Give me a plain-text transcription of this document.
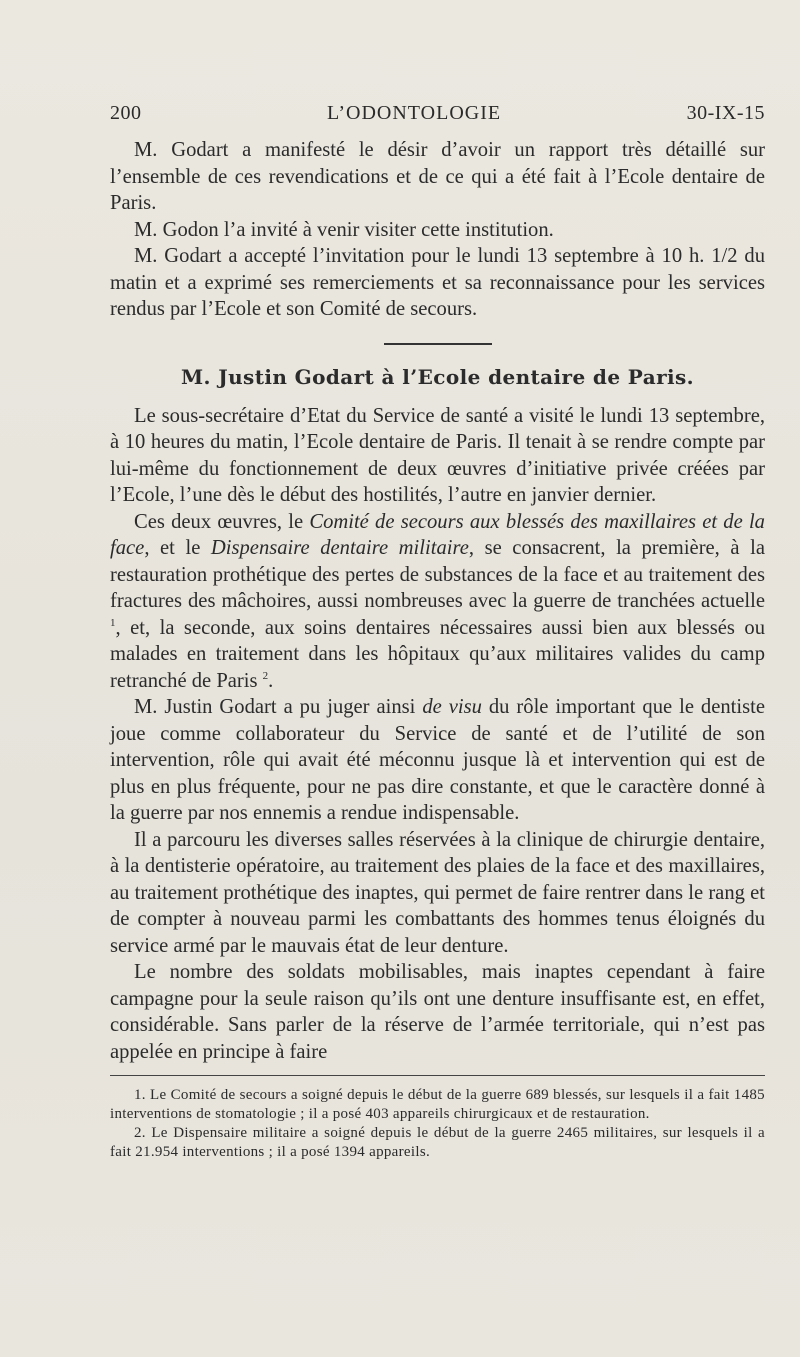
200	L’ODONTOLOGIE	30-IX-15

M. Godart a manifesté le désir d’avoir un rapport très détaillé sur l’ensemble de ces revendications et de ce qui a été fait à l’Ecole dentaire de Paris.

M. Godon l’a invité à venir visiter cette institution.

M. Godart a accepté l’invitation pour le lundi 13 septembre à 10 h. 1/2 du matin et a exprimé ses remerciements et sa reconnaissance pour les services rendus par l’Ecole et son Comité de secours.

M. Justin Godart à l’Ecole dentaire de Paris.

Le sous-secrétaire d’Etat du Service de santé a visité le lundi 13 septembre, à 10 heures du matin, l’Ecole dentaire de Paris. Il tenait à se rendre compte par lui-même du fonctionnement de deux œuvres d’initiative privée créées par l’Ecole, l’une dès le début des hostilités, l’autre en janvier dernier.

Ces deux œuvres, le Comité de secours aux blessés des maxillaires et de la face, et le Dispensaire dentaire militaire, se consacrent, la première, à la restauration prothétique des pertes de substances de la face et au traitement des fractures des mâchoires, aussi nombreuses avec la guerre de tranchées actuelle $^1$, et, la seconde, aux soins dentaires nécessaires aussi bien aux blessés ou malades en traitement dans les hôpitaux qu’aux militaires valides du camp retranché de Paris $^2$.

M. Justin Godart a pu juger ainsi de visu du rôle important que le dentiste joue comme collaborateur du Service de santé et de l’utilité de son intervention, rôle qui avait été méconnu jusque là et intervention qui est de plus en plus fréquente, pour ne pas dire constante, et que le caractère donné à la guerre par nos ennemis a rendue indispensable.

Il a parcouru les diverses salles réservées à la clinique de chirurgie dentaire, à la dentisterie opératoire, au traitement des plaies de la face et des maxillaires, au traitement prothétique des inaptes, qui permet de faire rentrer dans le rang et de compter à nouveau parmi les combattants des hommes tenus éloignés du service armé par le mauvais état de leur denture.

Le nombre des soldats mobilisables, mais inaptes cependant à faire campagne pour la seule raison qu’ils ont une denture insuffisante est, en effet, considérable. Sans parler de la réserve de l’armée territoriale, qui n’est pas appelée en principe à faire

1. Le Comité de secours a soigné depuis le début de la guerre 689 blessés, sur lesquels il a fait 1485 interventions de stomatologie ; il a posé 403 appareils chirurgicaux et de restauration.

2. Le Dispensaire militaire a soigné depuis le début de la guerre 2465 militaires, sur lesquels il a fait 21.954 interventions ; il a posé 1394 appareils.
